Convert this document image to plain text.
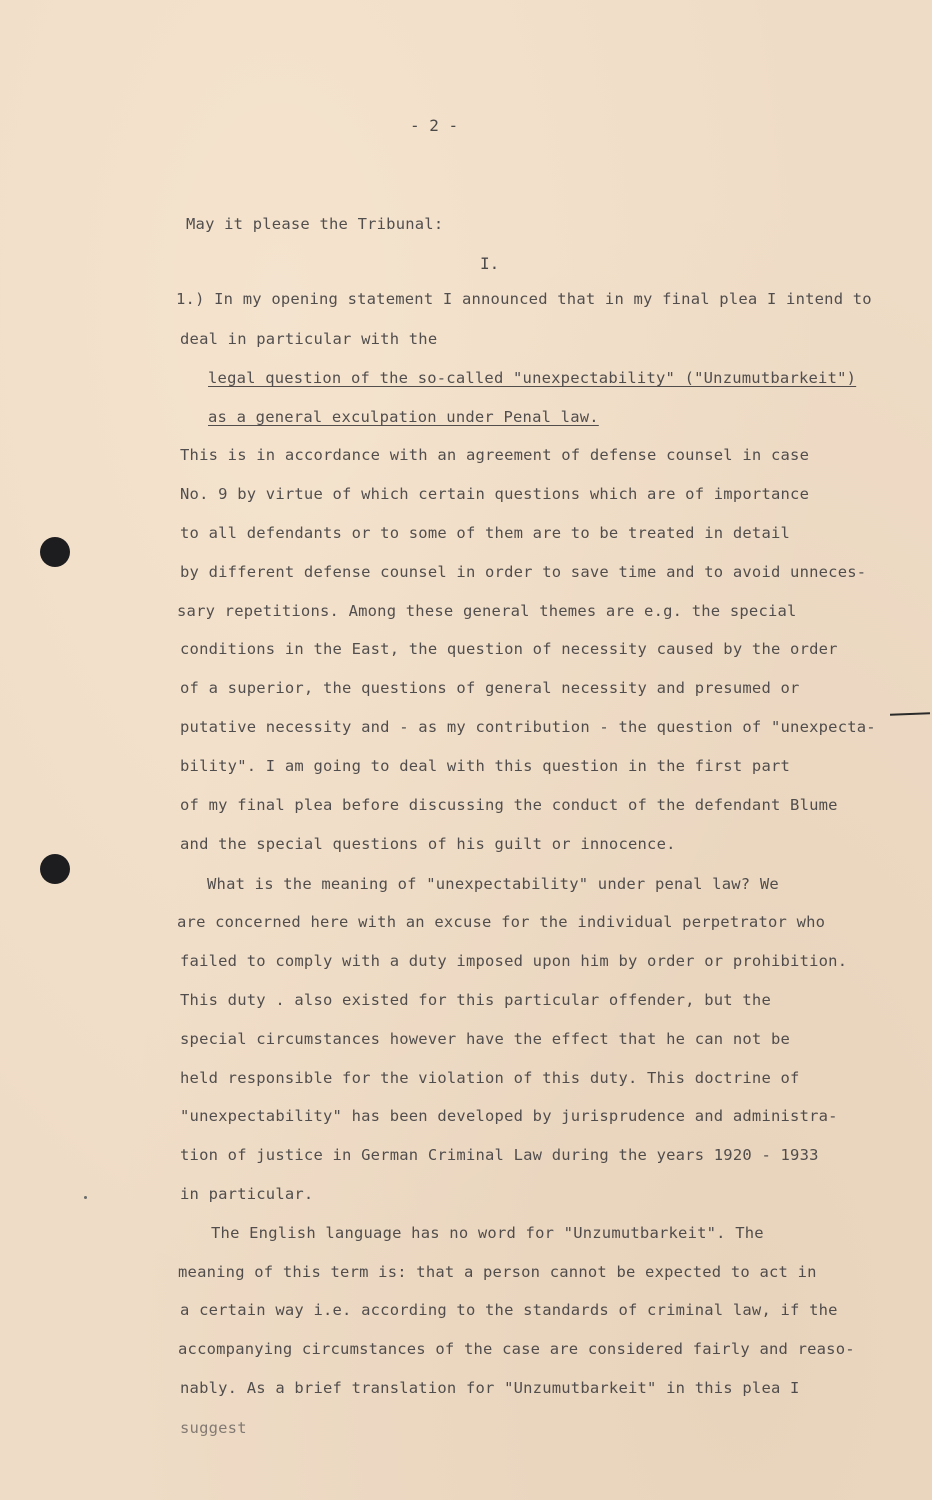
- 2 -
May it please the Tribunal:
I.
1.) In my opening statement I announced that in my final plea I intend to
deal in particular with the
legal question of the so-called "unexpectability" ("Unzumutbarkeit")
as a general exculpation under Penal law.
This is in accordance with an agreement of defense counsel in case
No. 9 by virtue of which certain questions which are of importance
to all defendants or to some of them are to be treated in detail
by different defense counsel in order to save time and to avoid unneces-
sary repetitions. Among these general themes are e.g. the special
conditions in the East, the question of necessity caused by the order
of a superior, the questions of general necessity and presumed or
putative necessity and - as my contribution - the question of "unexpecta-
bility". I am going to deal with this question in the first part
of my final plea before discussing the conduct of the defendant Blume
and the special questions of his guilt or innocence.
What is the meaning of "unexpectability" under penal law? We
are concerned here with an excuse for the individual perpetrator who
failed to comply with a duty imposed upon him by order or prohibition.
This duty . also existed for this particular offender, but the
special circumstances however have the effect that he can not be
held responsible for the violation of this duty. This doctrine of
"unexpectability" has been developed by jurisprudence and administra-
tion of justice in German Criminal Law during the years 1920 - 1933
in particular.
The English language has no word for "Unzumutbarkeit". The
meaning of this term is: that a person cannot be expected to act in
a certain way i.e. according to the standards of criminal law, if the
accompanying circumstances of the case are considered fairly and reaso-
nably. As a brief translation for "Unzumutbarkeit" in this plea I
suggest
